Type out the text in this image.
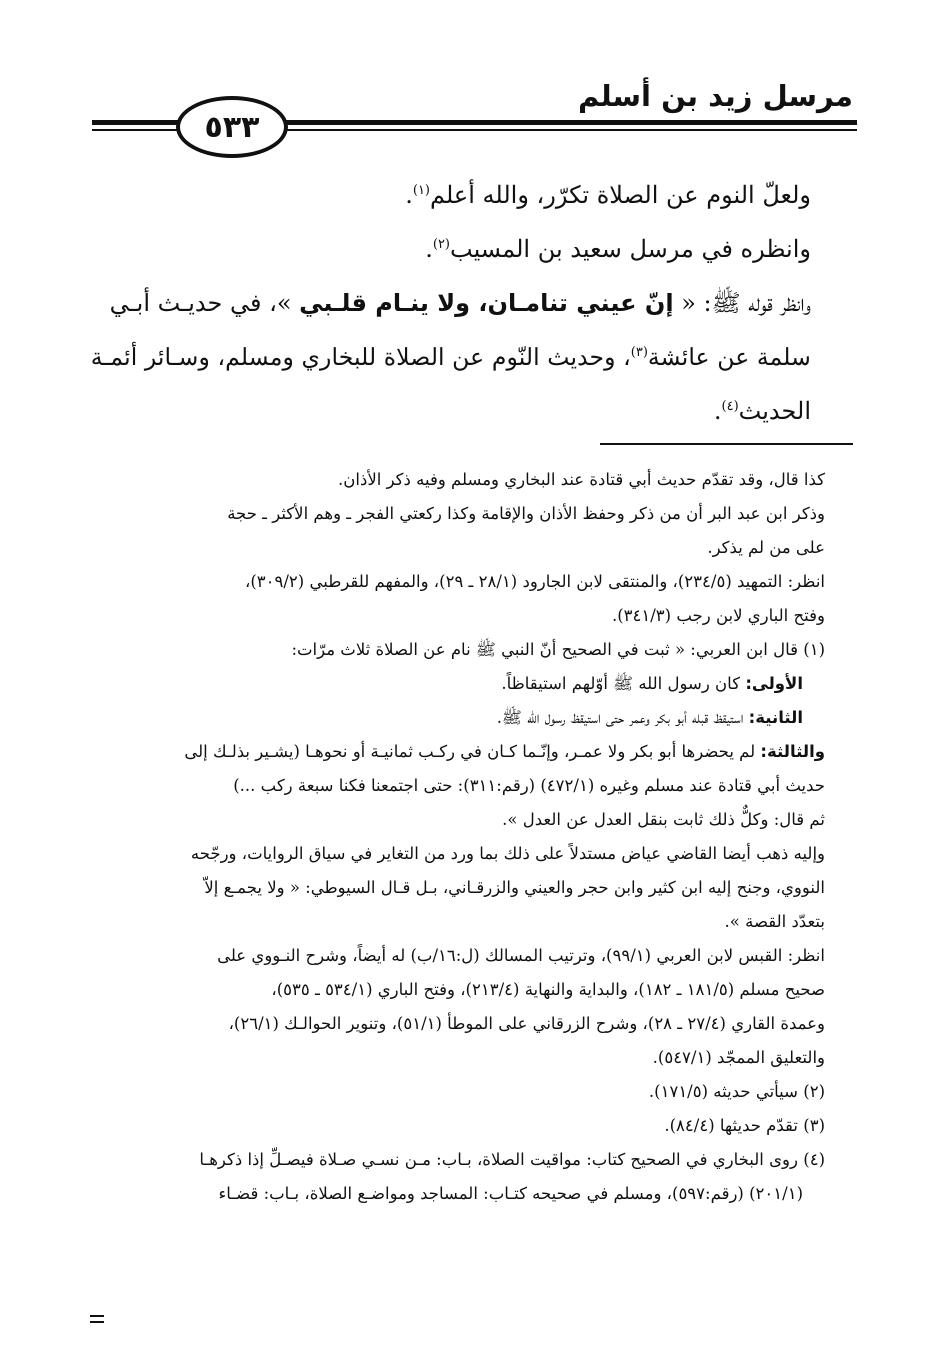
مرسل زيد بن أسلم
٥٣٣
ولعلّ النوم عن الصلاة تكرّر، والله أعلم$^{(١)}$.
وانظره في مرسل سعيد بن المسيب$^{(٢)}$.
وانظر قوله ﷺ: « إنّ عيني تنامـان، ولا ينـام قلـبي »، في حديـث أبـي
سلمة عن عائشة$^{(٣)}$، وحديث النّوم عن الصلاة للبخاري ومسلم، وسـائر أئمـة
الحديث$^{(٤)}$.
كذا قال، وقد تقدّم حديث أبي قتادة عند البخاري ومسلم وفيه ذكر الأذان.
وذكر ابن عبد البر أن من ذكر وحفظ الأذان والإقامة وكذا ركعتي الفجر ـ وهم الأكثر ـ حجة
على من لم يذكر.
انظر: التمهيد (٢٣٤/٥)، والمنتقى لابن الجارود (٢٨/١ ـ ٢٩)، والمفهم للقرطبي (٣٠٩/٢)،
وفتح الباري لابن رجب (٣٤١/٣).
(١) قال ابن العربي: « ثبت في الصحيح أنّ النبي ﷺ نام عن الصلاة ثلاث مرّات:
الأولى: كان رسول الله ﷺ أوّلهم استيقاظاً.
الثانية: استيقظ قبله أبو بكر وعمر حتى استيقظ رسول الله ﷺ.
والثالثة: لم يحضرها أبو بكر ولا عمـر، وإنّـما كـان في ركـب ثمانيـة أو نحوهـا (يشـير بذلـك إلى
حديث أبي قتادة عند مسلم وغيره (٤٧٢/١) (رقم:٣١١): حتى اجتمعنا فكنا سبعة ركب ...)
ثم قال: وكلٌّ ذلك ثابت بنقل العدل عن العدل ».
وإليه ذهب أيضا القاضي عياض مستدلاً على ذلك بما ورد من التغاير في سياق الروايات، ورجّحه
النووي، وجنح إليه ابن كثير وابن حجر والعيني والزرقـاني، بـل قـال السيوطي: « ولا يجمـع إلاّ
بتعدّد القصة ».
انظر: القبس لابن العربي (٩٩/١)، وترتيب المسالك (ل:١٦/ب) له أيضاً، وشرح النـووي على
صحيح مسلم (١٨١/٥ ـ ١٨٢)، والبداية والنهاية (٢١٣/٤)، وفتح الباري (٥٣٤/١ ـ ٥٣٥)،
وعمدة القاري (٢٧/٤ ـ ٢٨)، وشرح الزرقاني على الموطأ (٥١/١)، وتنوير الحوالـك (٢٦/١)،
والتعليق الممجّد (٥٤٧/١).
(٢) سيأتي حديثه (١٧١/٥).
(٣) تقدّم حديثها (٨٤/٤).
(٤) روى البخاري في الصحيح كتاب: مواقيت الصلاة، بـاب: مـن نسـي صـلاة فيصـلِّ إذا ذكرهـا
(٢٠١/١) (رقم:٥٩٧)، ومسلم في صحيحه كتـاب: المساجد ومواضـع الصلاة، بـاب: قضـاء
